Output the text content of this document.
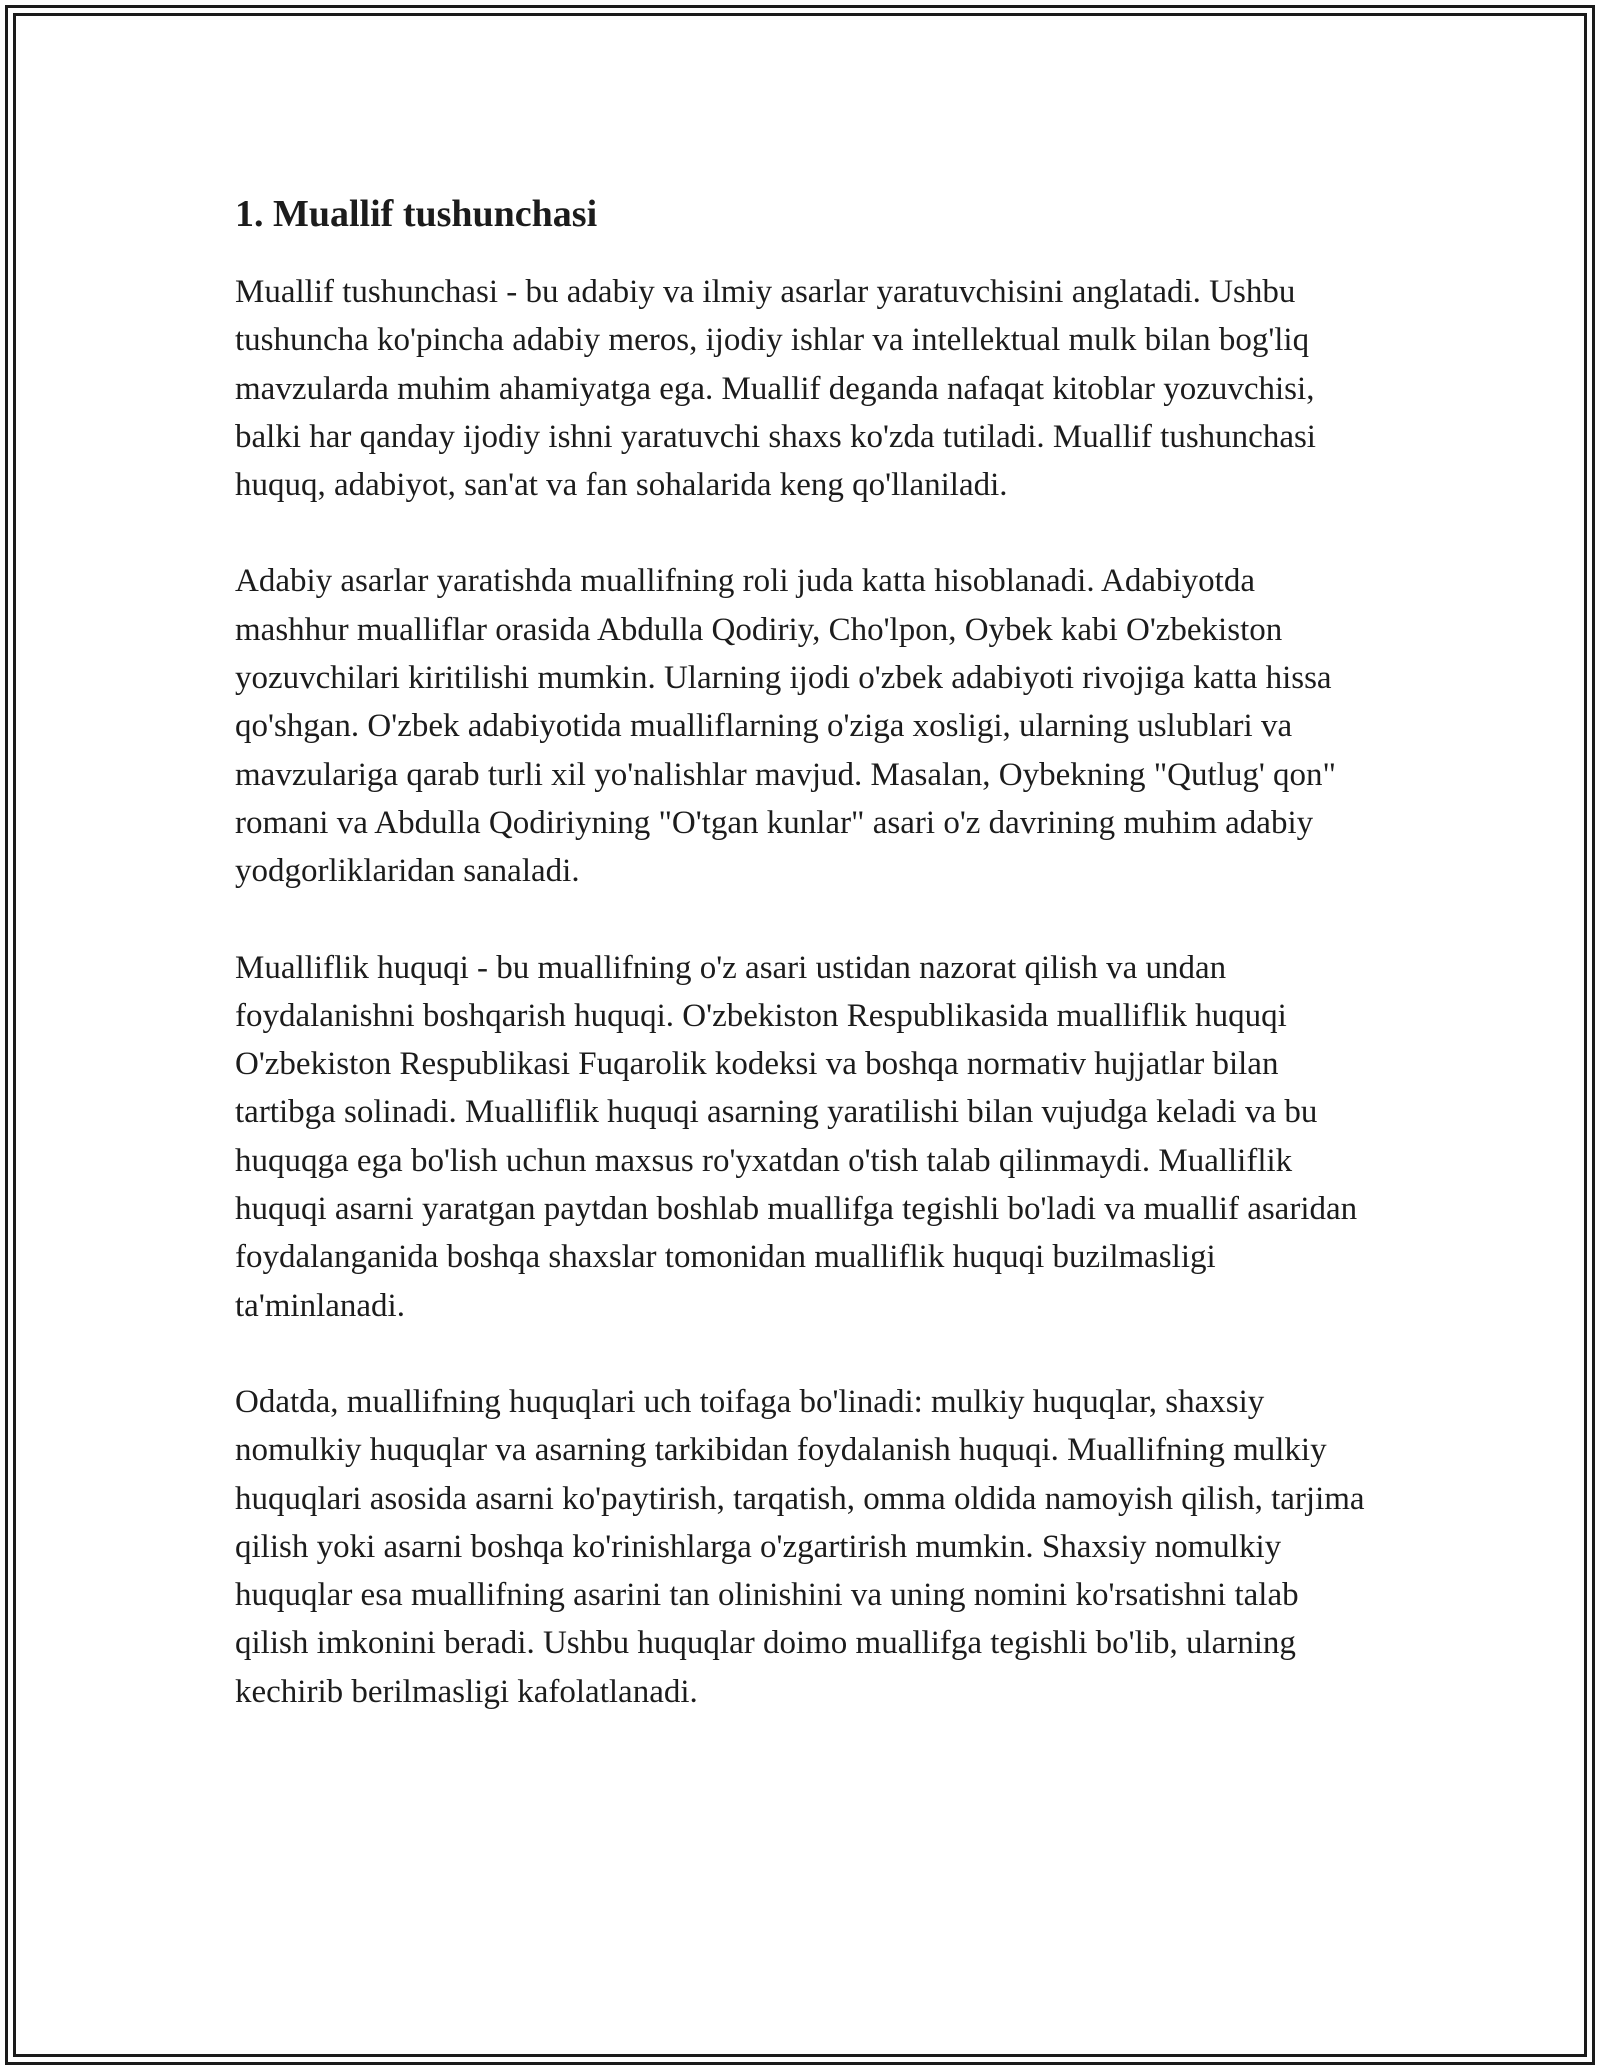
1. Muallif tushunchasi

Muallif tushunchasi - bu adabiy va ilmiy asarlar yaratuvchisini anglatadi. Ushbu tushuncha ko'pincha adabiy meros, ijodiy ishlar va intellektual mulk bilan bog'liq mavzularda muhim ahamiyatga ega. Muallif deganda nafaqat kitoblar yozuvchisi, balki har qanday ijodiy ishni yaratuvchi shaxs ko'zda tutiladi. Muallif tushunchasi huquq, adabiyot, san'at va fan sohalarida keng qo'llaniladi.

Adabiy asarlar yaratishda muallifning roli juda katta hisoblanadi. Adabiyotda mashhur mualliflar orasida Abdulla Qodiriy, Cho'lpon, Oybek kabi O'zbekiston yozuvchilari kiritilishi mumkin. Ularning ijodi o'zbek adabiyoti rivojiga katta hissa qo'shgan. O'zbek adabiyotida mualliflarning o'ziga xosligi, ularning uslublari va mavzulariga qarab turli xil yo'nalishlar mavjud. Masalan, Oybekning "Qutlug' qon" romani va Abdulla Qodiriyning "O'tgan kunlar" asari o'z davrining muhim adabiy yodgorliklaridan sanaladi.

Mualliflik huquqi - bu muallifning o'z asari ustidan nazorat qilish va undan foydalanishni boshqarish huquqi. O'zbekiston Respublikasida mualliflik huquqi O'zbekiston Respublikasi Fuqarolik kodeksi va boshqa normativ hujjatlar bilan tartibga solinadi. Mualliflik huquqi asarning yaratilishi bilan vujudga keladi va bu huquqga ega bo'lish uchun maxsus ro'yxatdan o'tish talab qilinmaydi. Mualliflik huquqi asarni yaratgan paytdan boshlab muallifga tegishli bo'ladi va muallif asaridan foydalanganida boshqa shaxslar tomonidan mualliflik huquqi buzilmasligi ta'minlanadi.

Odatda, muallifning huquqlari uch toifaga bo'linadi: mulkiy huquqlar, shaxsiy nomulkiy huquqlar va asarning tarkibidan foydalanish huquqi. Muallifning mulkiy huquqlari asosida asarni ko'paytirish, tarqatish, omma oldida namoyish qilish, tarjima qilish yoki asarni boshqa ko'rinishlarga o'zgartirish mumkin. Shaxsiy nomulkiy huquqlar esa muallifning asarini tan olinishini va uning nomini ko'rsatishni talab qilish imkonini beradi. Ushbu huquqlar doimo muallifga tegishli bo'lib, ularning kechirib berilmasligi kafolatlanadi.
